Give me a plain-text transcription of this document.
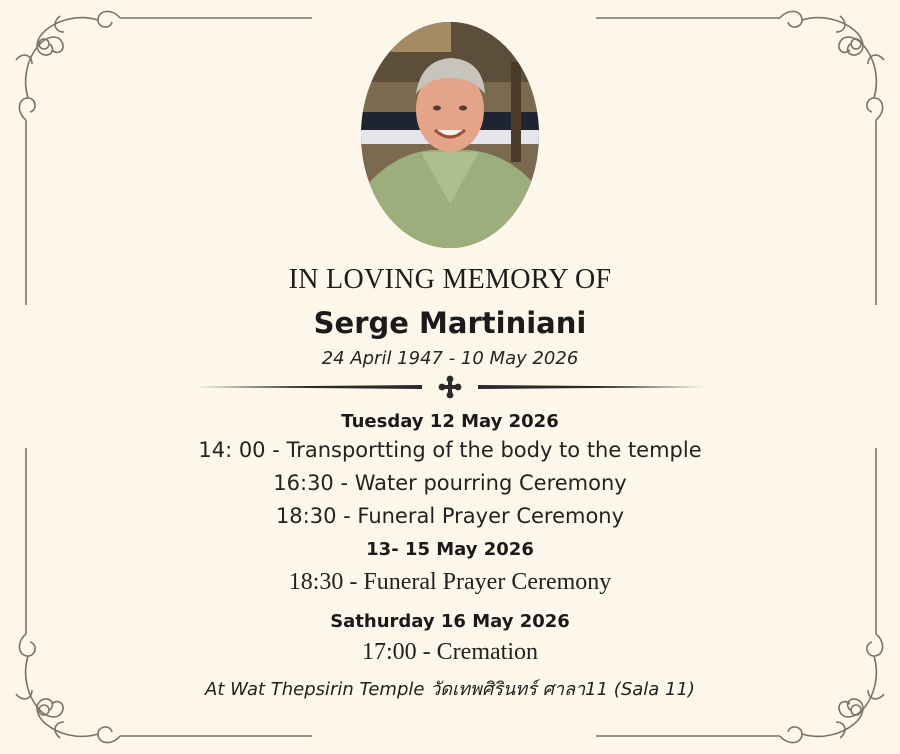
IN LOVING MEMORY OF
Serge Martiniani
24 April 1947 - 10 May 2026
Tuesday 12 May 2026
14: 00 - Transportting of the body to the temple
16:30 - Water pourring Ceremony
18:30 - Funeral Prayer Ceremony
13- 15 May 2026
18:30 - Funeral Prayer Ceremony
Sathurday 16 May 2026
17:00 - Cremation
At Wat Thepsirin Temple วัดเทพศิรินทร์ ศาลา11 (Sala 11)
